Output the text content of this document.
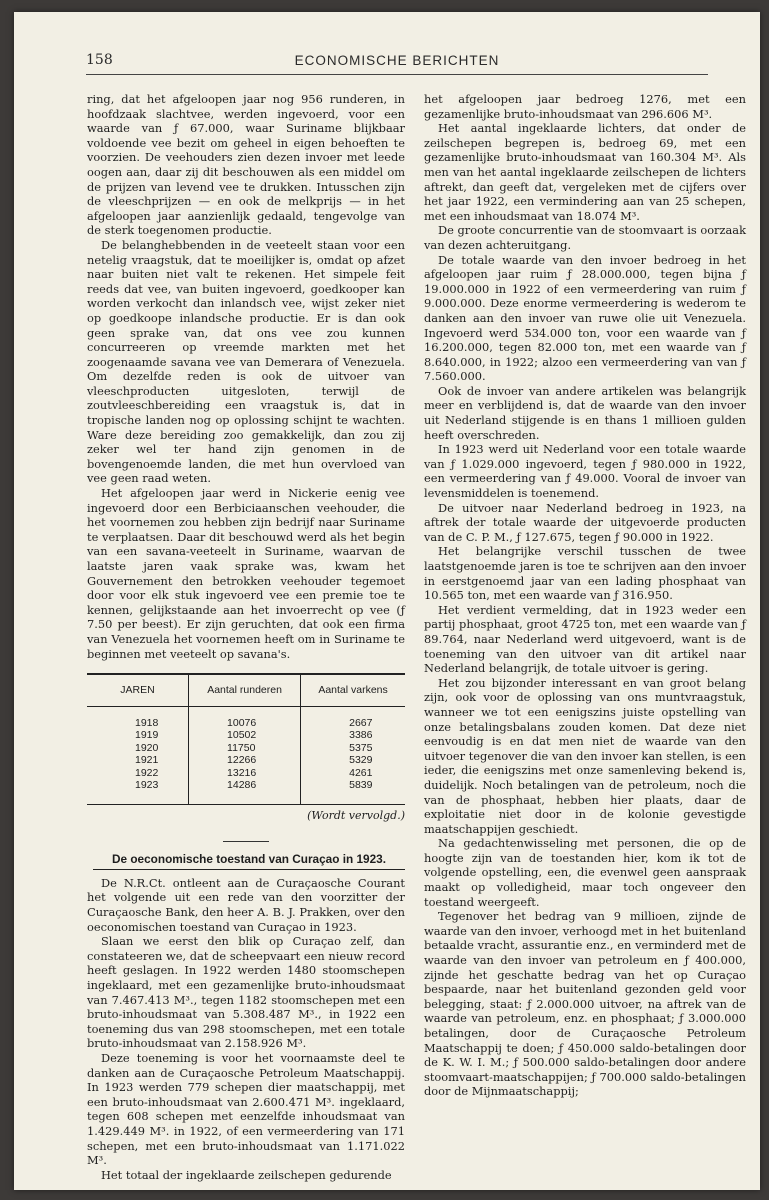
158	ECONOMISCHE BERICHTEN

ring, dat het afgeloopen jaar nog 956 runderen, in hoofdzaak slachtvee, werden ingevoerd, voor een waarde van ƒ 67.000, waar Suriname blijkbaar voldoende vee bezit om geheel in eigen behoeften te voorzien. De veehouders zien dezen invoer met leede oogen aan, daar zij dit beschouwen als een middel om de prijzen van levend vee te drukken. Intusschen zijn de vleeschprijzen — en ook de melkprijs — in het afgeloopen jaar aanzienlijk gedaald, tengevolge van de sterk toegenomen productie.

De belanghebbenden in de veeteelt staan voor een netelig vraagstuk, dat te moeilijker is, omdat op afzet naar buiten niet valt te rekenen. Het simpele feit reeds dat vee, van buiten ingevoerd, goedkooper kan worden verkocht dan inlandsch vee, wijst zeker niet op goedkoope inlandsche productie. Er is dan ook geen sprake van, dat ons vee zou kunnen concurreeren op vreemde markten met het zoogenaamde savana vee van Demerara of Venezuela. Om dezelfde reden is ook de uitvoer van vleeschproducten uitgesloten, terwijl de zoutvleeschbereiding een vraagstuk is, dat in tropische landen nog op oplossing schijnt te wachten. Ware deze bereiding zoo gemakkelijk, dan zou zij zeker wel ter hand zijn genomen in de bovengenoemde landen, die met hun overvloed van vee geen raad weten.

Het afgeloopen jaar werd in Nickerie eenig vee ingevoerd door een Berbiciaanschen veehouder, die het voornemen zou hebben zijn bedrijf naar Suriname te verplaatsen. Daar dit beschouwd werd als het begin van een savana-veeteelt in Suriname, waarvan de laatste jaren vaak sprake was, kwam het Gouvernement den betrokken veehouder tegemoet door voor elk stuk ingevoerd vee een premie toe te kennen, gelijkstaande aan het invoerrecht op vee (ƒ 7.50 per beest). Er zijn geruchten, dat ook een firma van Venezuela het voornemen heeft om in Suriname te beginnen met veeteelt op savana's.

JAREN	Aantal runderen	Aantal varkens
1918	10076	2667
1919	10502	3386
1920	11750	5375
1921	12266	5329
1922	13216	4261
1923	14286	5839
(Wordt vervolgd.)
De oeconomische toestand van Curaçao in 1923.

De N.R.Ct. ontleent aan de Curaçaosche Courant het volgende uit een rede van den voorzitter der Curaçaosche Bank, den heer A. B. J. Prakken, over den oeconomischen toestand van Curaçao in 1923.

Slaan we eerst den blik op Curaçao zelf, dan constateeren we, dat de scheepvaart een nieuw record heeft geslagen. In 1922 werden 1480 stoomschepen ingeklaard, met een gezamenlijke bruto-inhoudsmaat van 7.467.413 M³., tegen 1182 stoomschepen met een bruto-inhoudsmaat van 5.308.487 M³., in 1922 een toeneming dus van 298 stoomschepen, met een totale bruto-inhoudsmaat van 2.158.926 M³.

Deze toeneming is voor het voornaamste deel te danken aan de Curaçaosche Petroleum Maatschappij. In 1923 werden 779 schepen dier maatschappij, met een bruto-inhoudsmaat van 2.600.471 M³. ingeklaard, tegen 608 schepen met eenzelfde inhoudsmaat van 1.429.449 M³. in 1922, of een vermeerdering van 171 schepen, met een bruto-inhoudsmaat van 1.171.022 M³.

Het totaal der ingeklaarde zeilschepen gedurende

het afgeloopen jaar bedroeg 1276, met een gezamenlijke bruto-inhoudsmaat van 296.606 M³.

Het aantal ingeklaarde lichters, dat onder de zeilschepen begrepen is, bedroeg 69, met een gezamenlijke bruto-inhoudsmaat van 160.304 M³. Als men van het aantal ingeklaarde zeilschepen de lichters aftrekt, dan geeft dat, vergeleken met de cijfers over het jaar 1922, een vermindering aan van 25 schepen, met een inhoudsmaat van 18.074 M³.

De groote concurrentie van de stoomvaart is oorzaak van dezen achteruitgang.

De totale waarde van den invoer bedroeg in het afgeloopen jaar ruim ƒ 28.000.000, tegen bijna ƒ 19.000.000 in 1922 of een vermeerdering van ruim ƒ 9.000.000. Deze enorme vermeerdering is wederom te danken aan den invoer van ruwe olie uit Venezuela. Ingevoerd werd 534.000 ton, voor een waarde van ƒ 16.200.000, tegen 82.000 ton, met een waarde van ƒ 8.640.000, in 1922; alzoo een vermeerdering van van ƒ 7.560.000.

Ook de invoer van andere artikelen was belangrijk meer en verblijdend is, dat de waarde van den invoer uit Nederland stijgende is en thans 1 millioen gulden heeft overschreden.

In 1923 werd uit Nederland voor een totale waarde van ƒ 1.029.000 ingevoerd, tegen ƒ 980.000 in 1922, een vermeerdering van ƒ 49.000. Vooral de invoer van levensmiddelen is toenemend.

De uitvoer naar Nederland bedroeg in 1923, na aftrek der totale waarde der uitgevoerde producten van de C. P. M., ƒ 127.675, tegen ƒ 90.000 in 1922.

Het belangrijke verschil tusschen de twee laatstgenoemde jaren is toe te schrijven aan den invoer in eerstgenoemd jaar van een lading phosphaat van 10.565 ton, met een waarde van ƒ 316.950.

Het verdient vermelding, dat in 1923 weder een partij phosphaat, groot 4725 ton, met een waarde van ƒ 89.764, naar Nederland werd uitgevoerd, want is de toeneming van den uitvoer van dit artikel naar Nederland belangrijk, de totale uitvoer is gering.

Het zou bijzonder interessant en van groot belang zijn, ook voor de oplossing van ons muntvraagstuk, wanneer we tot een eenigszins juiste opstelling van onze betalingsbalans zouden komen. Dat deze niet eenvoudig is en dat men niet de waarde van den uitvoer tegenover die van den invoer kan stellen, is een ieder, die eenigszins met onze samenleving bekend is, duidelijk. Noch betalingen van de petroleum, noch die van de phosphaat, hebben hier plaats, daar de exploitatie niet door in de kolonie gevestigde maatschappijen geschiedt.

Na gedachtenwisseling met personen, die op de hoogte zijn van de toestanden hier, kom ik tot de volgende opstelling, een, die evenwel geen aanspraak maakt op volledigheid, maar toch ongeveer den toestand weergeeft.

Tegenover het bedrag van 9 millioen, zijnde de waarde van den invoer, verhoogd met in het buitenland betaalde vracht, assurantie enz., en verminderd met de waarde van den invoer van petroleum en ƒ 400.000, zijnde het geschatte bedrag van het op Curaçao bespaarde, naar het buitenland gezonden geld voor belegging, staat: ƒ 2.000.000 uitvoer, na aftrek van de waarde van petroleum, enz. en phosphaat; ƒ 3.000.000 betalingen, door de Curaçaosche Petroleum Maatschappij te doen; ƒ 450.000 saldo-betalingen door de K. W. I. M.; ƒ 500.000 saldo-betalingen door andere stoomvaart-maatschappijen; ƒ 700.000 saldo-betalingen door de Mijnmaatschappij;
